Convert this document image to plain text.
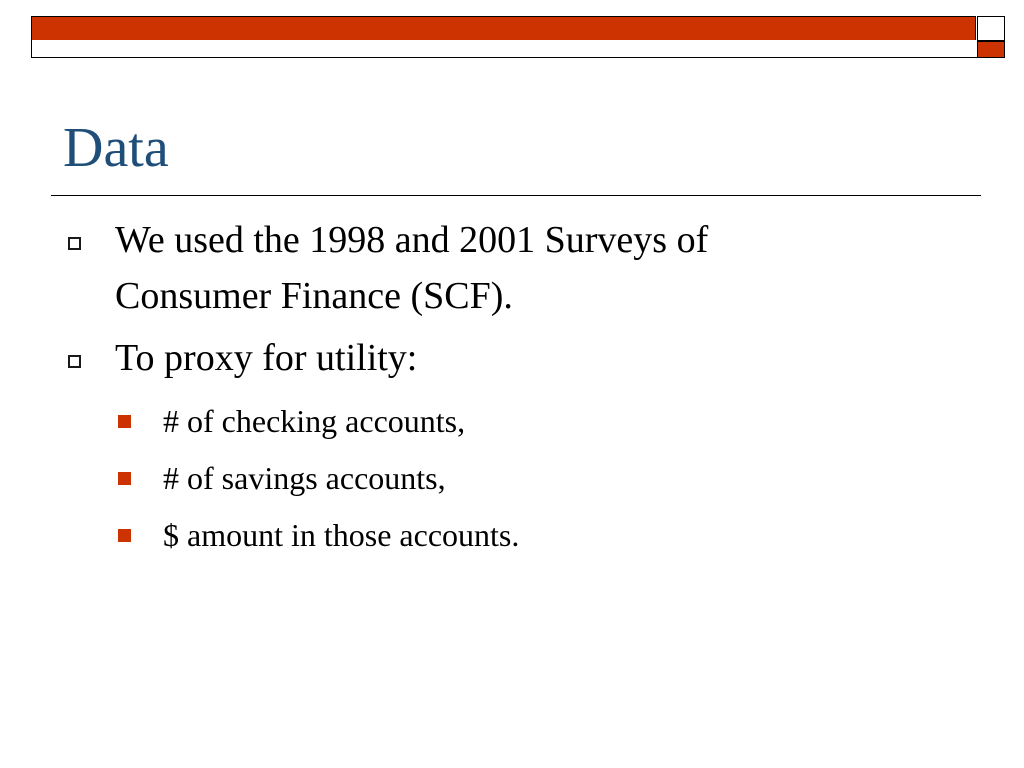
Data
We used the 1998 and 2001 Surveys of
Consumer Finance (SCF).
To proxy for utility:
# of checking accounts,
# of savings accounts,
$ amount in those accounts.
